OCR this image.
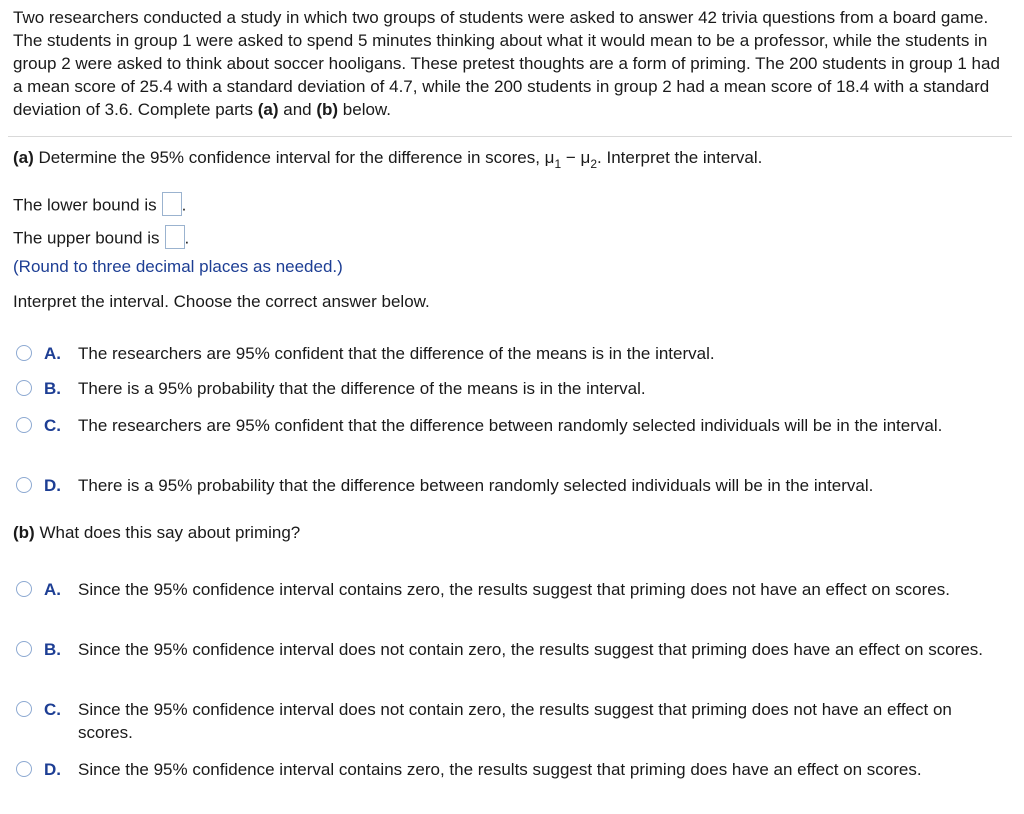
Two researchers conducted a study in which two groups of students were asked to answer 42 trivia questions from a board game. The students in group 1 were asked to spend 5 minutes thinking about what it would mean to be a professor, while the students in group 2 were asked to think about soccer hooligans. These pretest thoughts are a form of priming. The 200 students in group 1 had a mean score of 25.4 with a standard deviation of 4.7, while the 200 students in group 2 had a mean score of 18.4 with a standard deviation of 3.6. Complete parts (a) and (b) below.

(a) Determine the 95% confidence interval for the difference in scores, $\mu_1 - \mu_2$. Interpret the interval.

The lower bound is .

The upper bound is .

(Round to three decimal places as needed.)

Interpret the interval. Choose the correct answer below.

A. The researchers are 95% confident that the difference of the means is in the interval.
B. There is a 95% probability that the difference of the means is in the interval.
C. The researchers are 95% confident that the difference between randomly selected individuals will be in the interval.
D. There is a 95% probability that the difference between randomly selected individuals will be in the interval.

(b) What does this say about priming?

A. Since the 95% confidence interval contains zero, the results suggest that priming does not have an effect on scores.
B. Since the 95% confidence interval does not contain zero, the results suggest that priming does have an effect on scores.
C. Since the 95% confidence interval does not contain zero, the results suggest that priming does not have an effect on scores.
D. Since the 95% confidence interval contains zero, the results suggest that priming does have an effect on scores.
